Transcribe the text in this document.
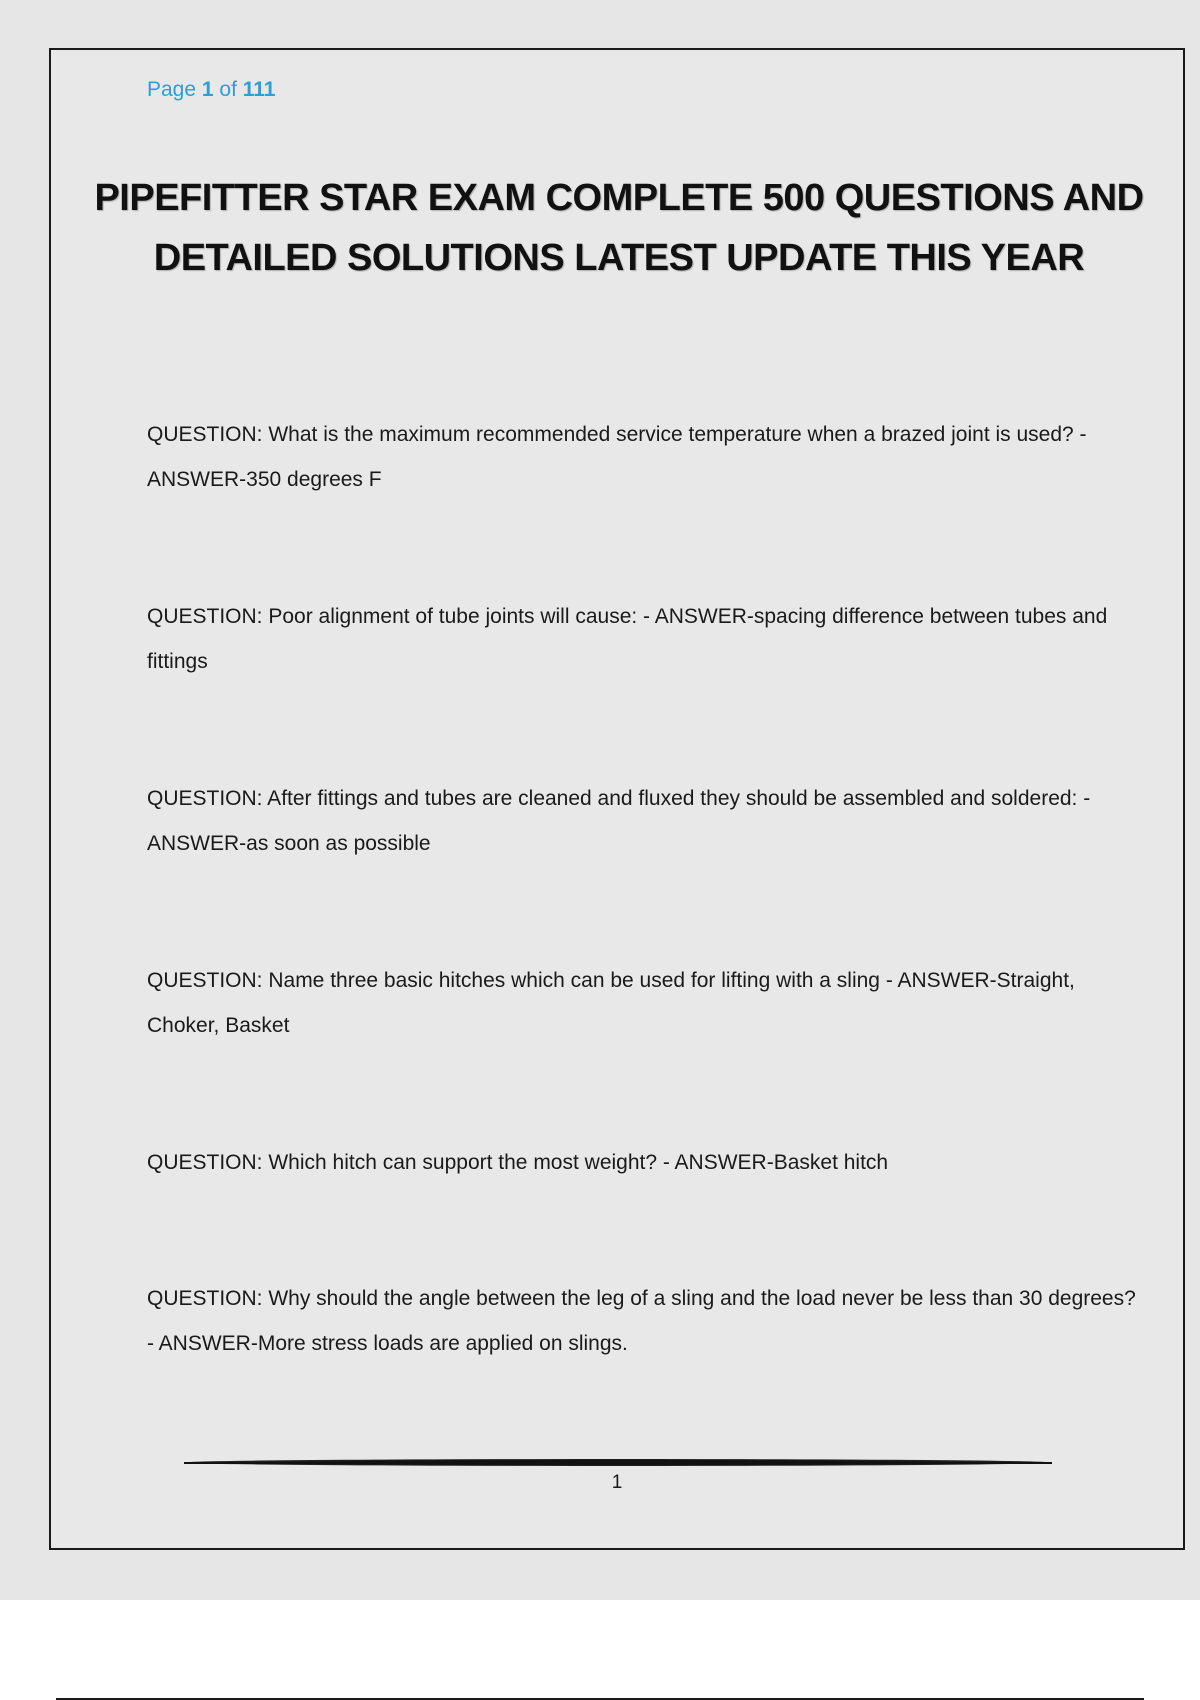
Page 1 of 111
PIPEFITTER STAR EXAM COMPLETE 500 QUESTIONS AND DETAILED SOLUTIONS LATEST UPDATE THIS YEAR

QUESTION: What is the maximum recommended service temperature when a brazed joint is used? - ANSWER-350 degrees F

QUESTION: Poor alignment of tube joints will cause: - ANSWER-spacing difference between tubes and fittings

QUESTION: After fittings and tubes are cleaned and fluxed they should be assembled and soldered: - ANSWER-as soon as possible

QUESTION: Name three basic hitches which can be used for lifting with a sling - ANSWER-Straight, Choker, Basket

QUESTION: Which hitch can support the most weight? - ANSWER-Basket hitch

QUESTION: Why should the angle between the leg of a sling and the load never be less than 30 degrees? - ANSWER-More stress loads are applied on slings.

1
